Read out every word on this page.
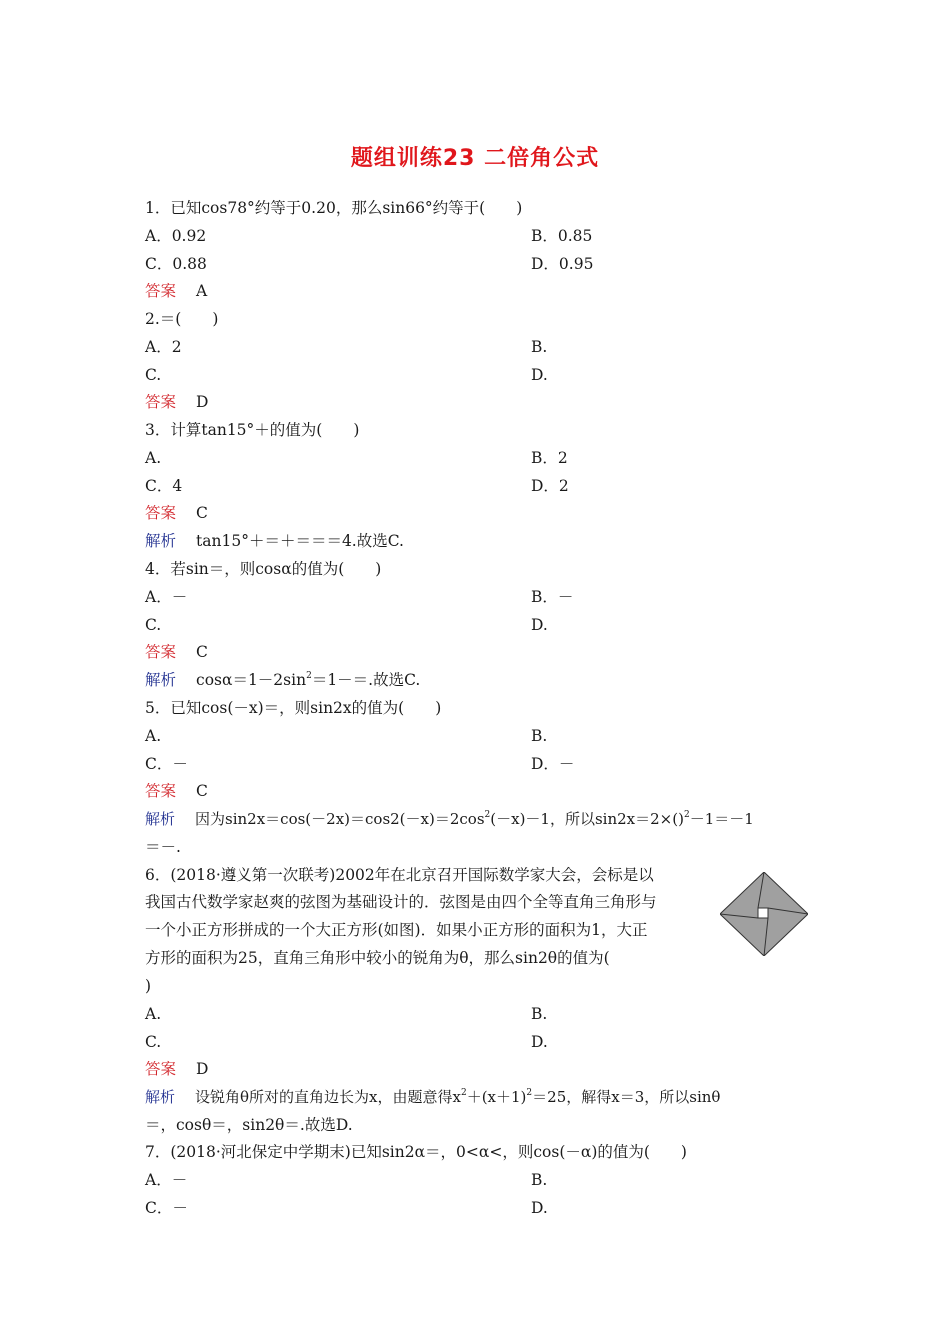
题组训练23 二倍角公式
1．已知cos78°约等于0.20，那么sin66°约等于(　　)
A．0.92	B．0.85
C．0.88	D．0.95
答案 A
2.＝(　　)
A．2	B.
C.	D.
答案 D
3．计算tan15°＋的值为(　　)
A.	B．2
C．4	D．2
答案 C
解析 tan15°＋＝＋＝＝＝4.故选C.
4．若sin＝，则cosα的值为(　　)
A．－	B．－
C.	D.
答案 C
解析 $\cos\alpha=1-2\sin^2=1-=$.故选C.
5．已知cos(－x)＝，则sin2x的值为(　　)
A.	B.
C．－	D．－
答案 C
解析 因为$\sin 2x=\cos(-2x)=\cos 2(-x)=2\cos^2(-x)-1$，所以sin2x＝2×()$^2$－1＝－1
＝－.
6．(2018·遵义第一次联考)2002年在北京召开国际数学家大会，会标是以
我国古代数学家赵爽的弦图为基础设计的．弦图是由四个全等直角三角形与
一个小正方形拼成的一个大正方形(如图)．如果小正方形的面积为1，大正
方形的面积为25，直角三角形中较小的锐角为θ，那么sin2θ的值为(
)
A.	B.
C.	D.
答案 D
解析 设锐角θ所对的直角边长为x，由题意得$x^2+(x+1)^2=25$，解得x＝3，所以sinθ
＝，cosθ＝，sin2θ＝.故选D.
7．(2018·河北保定中学期末)已知sin2α＝，0<α<，则cos(－α)的值为(　　)
A．－	B.
C．－	D.
